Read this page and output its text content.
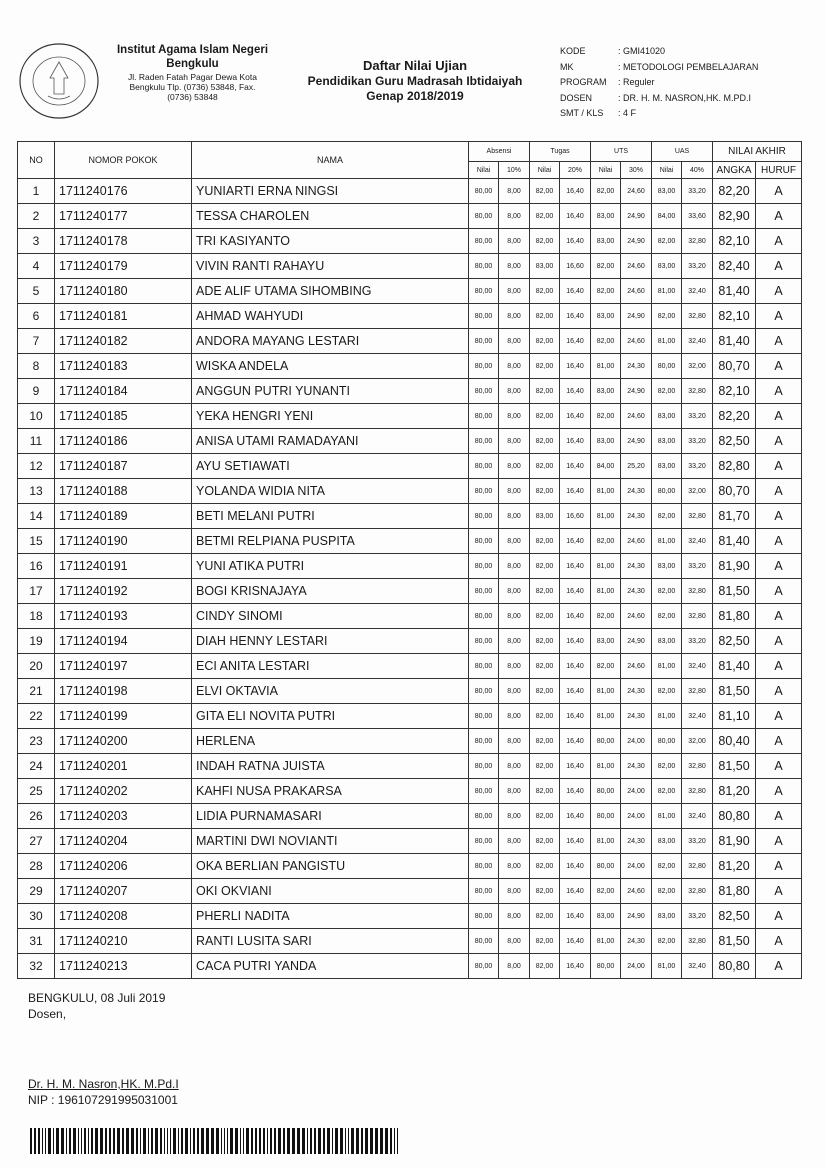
Institut Agama Islam Negeri
Bengkulu
Jl. Raden Fatah Pagar Dewa Kota
Bengkulu Tlp. (0736) 53848, Fax.
(0736) 53848
Daftar Nilai Ujian
Pendidikan Guru Madrasah Ibtidaiyah
Genap 2018/2019
KODE	: GMI41020
MK	: METODOLOGI PEMBELAJARAN
PROGRAM	: Reguler
DOSEN	: DR. H. M. NASRON,HK. M.PD.I
SMT / KLS	: 4 F
NO	NOMOR POKOK	NAMA	Absensi		Tugas		UTS		UAS		NILAI AKHIR	
			Nilai	10%	Nilai	20%	Nilai	30%	Nilai	40%	ANGKA	HURUF
1	1711240176	YUNIARTI ERNA NINGSI	80,00	8,00	82,00	16,40	82,00	24,60	83,00	33,20	82,20	A
2	1711240177	TESSA CHAROLEN	80,00	8,00	82,00	16,40	83,00	24,90	84,00	33,60	82,90	A
3	1711240178	TRI KASIYANTO	80,00	8,00	82,00	16,40	83,00	24,90	82,00	32,80	82,10	A
4	1711240179	VIVIN RANTI RAHAYU	80,00	8,00	83,00	16,60	82,00	24,60	83,00	33,20	82,40	A
5	1711240180	ADE ALIF UTAMA SIHOMBING	80,00	8,00	82,00	16,40	82,00	24,60	81,00	32,40	81,40	A
6	1711240181	AHMAD WAHYUDI	80,00	8,00	82,00	16,40	83,00	24,90	82,00	32,80	82,10	A
7	1711240182	ANDORA MAYANG LESTARI	80,00	8,00	82,00	16,40	82,00	24,60	81,00	32,40	81,40	A
8	1711240183	WISKA ANDELA	80,00	8,00	82,00	16,40	81,00	24,30	80,00	32,00	80,70	A
9	1711240184	ANGGUN PUTRI YUNANTI	80,00	8,00	82,00	16,40	83,00	24,90	82,00	32,80	82,10	A
10	1711240185	YEKA HENGRI YENI	80,00	8,00	82,00	16,40	82,00	24,60	83,00	33,20	82,20	A
11	1711240186	ANISA UTAMI RAMADAYANI	80,00	8,00	82,00	16,40	83,00	24,90	83,00	33,20	82,50	A
12	1711240187	AYU SETIAWATI	80,00	8,00	82,00	16,40	84,00	25,20	83,00	33,20	82,80	A
13	1711240188	YOLANDA WIDIA NITA	80,00	8,00	82,00	16,40	81,00	24,30	80,00	32,00	80,70	A
14	1711240189	BETI MELANI PUTRI	80,00	8,00	83,00	16,60	81,00	24,30	82,00	32,80	81,70	A
15	1711240190	BETMI RELPIANA PUSPITA	80,00	8,00	82,00	16,40	82,00	24,60	81,00	32,40	81,40	A
16	1711240191	YUNI ATIKA PUTRI	80,00	8,00	82,00	16,40	81,00	24,30	83,00	33,20	81,90	A
17	1711240192	BOGI KRISNAJAYA	80,00	8,00	82,00	16,40	81,00	24,30	82,00	32,80	81,50	A
18	1711240193	CINDY SINOMI	80,00	8,00	82,00	16,40	82,00	24,60	82,00	32,80	81,80	A
19	1711240194	DIAH HENNY LESTARI	80,00	8,00	82,00	16,40	83,00	24,90	83,00	33,20	82,50	A
20	1711240197	ECI ANITA LESTARI	80,00	8,00	82,00	16,40	82,00	24,60	81,00	32,40	81,40	A
21	1711240198	ELVI OKTAVIA	80,00	8,00	82,00	16,40	81,00	24,30	82,00	32,80	81,50	A
22	1711240199	GITA ELI NOVITA PUTRI	80,00	8,00	82,00	16,40	81,00	24,30	81,00	32,40	81,10	A
23	1711240200	HERLENA	80,00	8,00	82,00	16,40	80,00	24,00	80,00	32,00	80,40	A
24	1711240201	INDAH RATNA JUISTA	80,00	8,00	82,00	16,40	81,00	24,30	82,00	32,80	81,50	A
25	1711240202	KAHFI NUSA PRAKARSA	80,00	8,00	82,00	16,40	80,00	24,00	82,00	32,80	81,20	A
26	1711240203	LIDIA PURNAMASARI	80,00	8,00	82,00	16,40	80,00	24,00	81,00	32,40	80,80	A
27	1711240204	MARTINI DWI NOVIANTI	80,00	8,00	82,00	16,40	81,00	24,30	83,00	33,20	81,90	A
28	1711240206	OKA BERLIAN PANGISTU	80,00	8,00	82,00	16,40	80,00	24,00	82,00	32,80	81,20	A
29	1711240207	OKI OKVIANI	80,00	8,00	82,00	16,40	82,00	24,60	82,00	32,80	81,80	A
30	1711240208	PHERLI NADITA	80,00	8,00	82,00	16,40	83,00	24,90	83,00	33,20	82,50	A
31	1711240210	RANTI LUSITA SARI	80,00	8,00	82,00	16,40	81,00	24,30	82,00	32,80	81,50	A
32	1711240213	CACA PUTRI YANDA	80,00	8,00	82,00	16,40	80,00	24,00	81,00	32,40	80,80	A
BENGKULU, 08 Juli 2019
Dosen,
Dr. H. M. Nasron,HK. M.Pd.I
NIP : 196107291995031001
